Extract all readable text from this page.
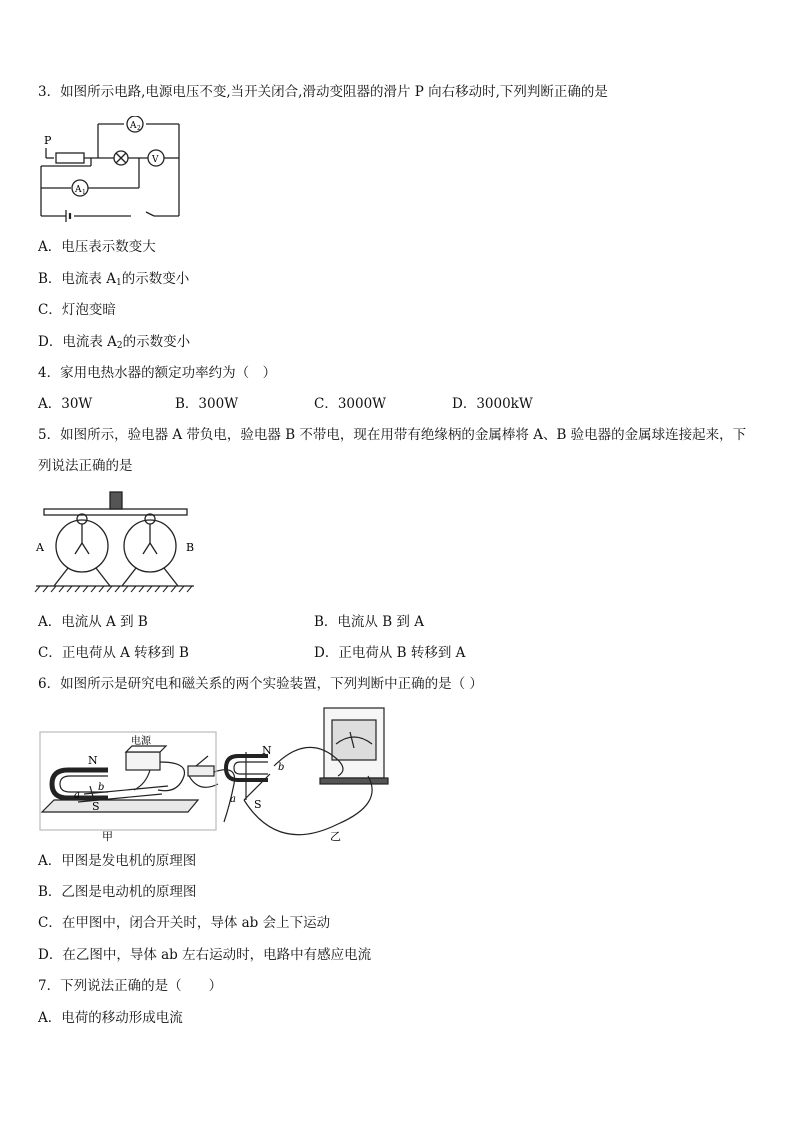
3．如图所示电路,电源电压不变,当开关闭合,滑动变阻器的滑片 P 向右移动时,下列判断正确的是
P
A 2
V
A 1
A．电压表示数变大
B．电流表 $A_1$的示数变小
C．灯泡变暗
D．电流表 $A_2$的示数变小
4．家用电热水器的额定功率约为（　）
A．30W	B．300W	C．3000W	D．3000kW
5．如图所示，验电器 A 带负电，验电器 B 不带电，现在用带有绝缘柄的金属棒将 A、B 验电器的金属球连接起来，下
列说法正确的是
A	B
A．电流从 A 到 B	B．电流从 B 到 A
C．正电荷从 A 转移到 B	D．正电荷从 B 转移到 A
6．如图所示是研究电和磁关系的两个实验装置，下列判断中正确的是（ ）
电源
N
b
a
S
N
b
a S
甲	乙
A．甲图是发电机的原理图
B．乙图是电动机的原理图
C．在甲图中，闭合开关时，导体 ab 会上下运动
D．在乙图中，导体 ab 左右运动时，电路中有感应电流
7．下列说法正确的是（　　）
A．电荷的移动形成电流
